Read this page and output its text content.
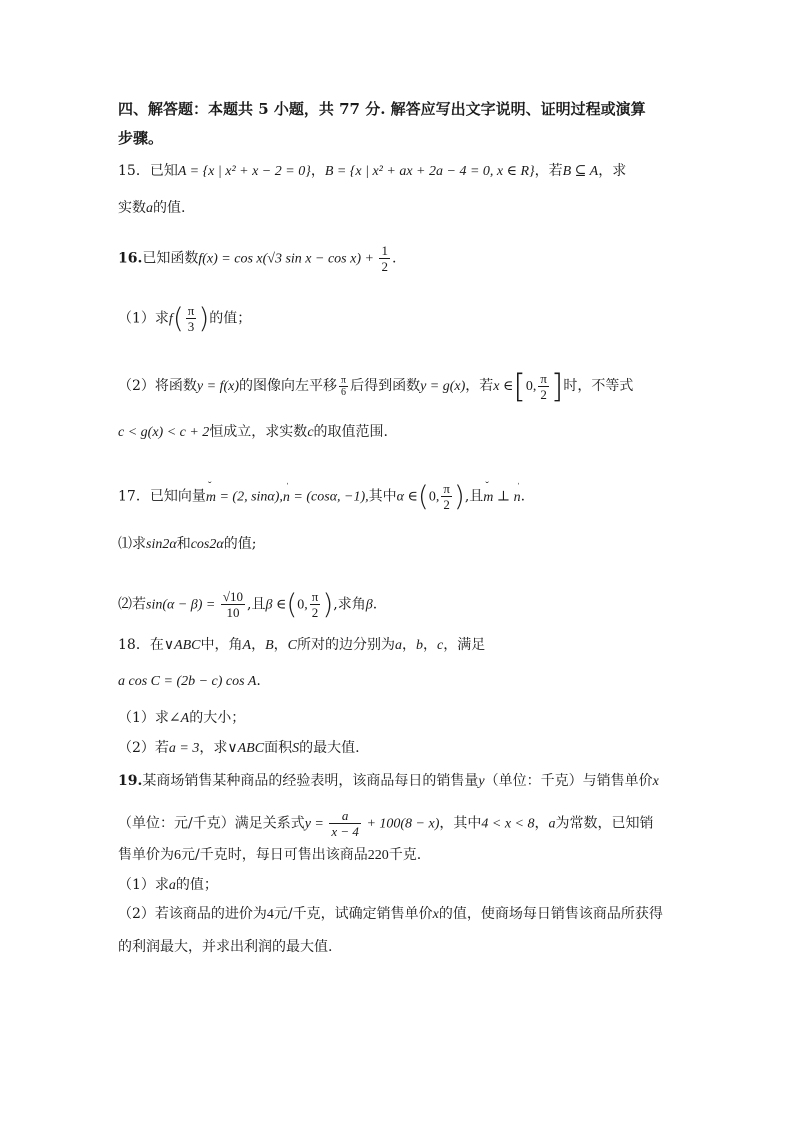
四、解答题：本题共 5 小题，共 77 分. 解答应写出文字说明、证明过程或演算
步骤。
15．已知A = {x | x² + x − 2 = 0}，B = {x | x² + ax + 2a − 4 = 0, x ∈ R}，若B ⊆ A，求
实数a的值.
16.已知函数f(x) = cos x(√3 $\sin x - \cos x) + \frac{1}{2}$ .
（1）求$f( \frac{\pi}{3}$ )的值；
（2）将函数y = f(x)的图像向左平移 $\frac{\pi}{6}$ 后得到函数y = g(x)，若x ∈[0, $\frac{\pi}{2}$ ]时，不等式
c < g(x) < c + 2恒成立，求实数c的取值范围.
17．已知向量ˇ m = (2, sinα),ˈ n = (cosα, −1),其中α ∈(0, $\frac{\pi}{2}$ ),且ˇ m ⊥ ˈ n.
⑴求sin2α和cos2α的值;
⑵若$\sin(\alpha - \beta) = \frac{√10}{10}$ ,且β ∈(0, $\frac{\pi}{2}$ ),求角β.
18．在∨ABC中，角A，B，C所对的边分别为a，b，c，满足
a cos C = (2b − c) cos A.
（1）求∠A的大小；
（2）若a = 3，求∨ABC面积S的最大值.
19.某商场销售某种商品的经验表明，该商品每日的销售量y（单位：千克）与销售单价x
（单位：元/千克）满足关系式$y = \frac{a}{x - 4} + 100(8 - x)$，其中4 < x < 8，a为常数，已知销
售单价为6元/千克时，每日可售出该商品220千克.
（1）求a的值；
（2）若该商品的进价为4元/千克，试确定销售单价x的值，使商场每日销售该商品所获得
的利润最大，并求出利润的最大值.
